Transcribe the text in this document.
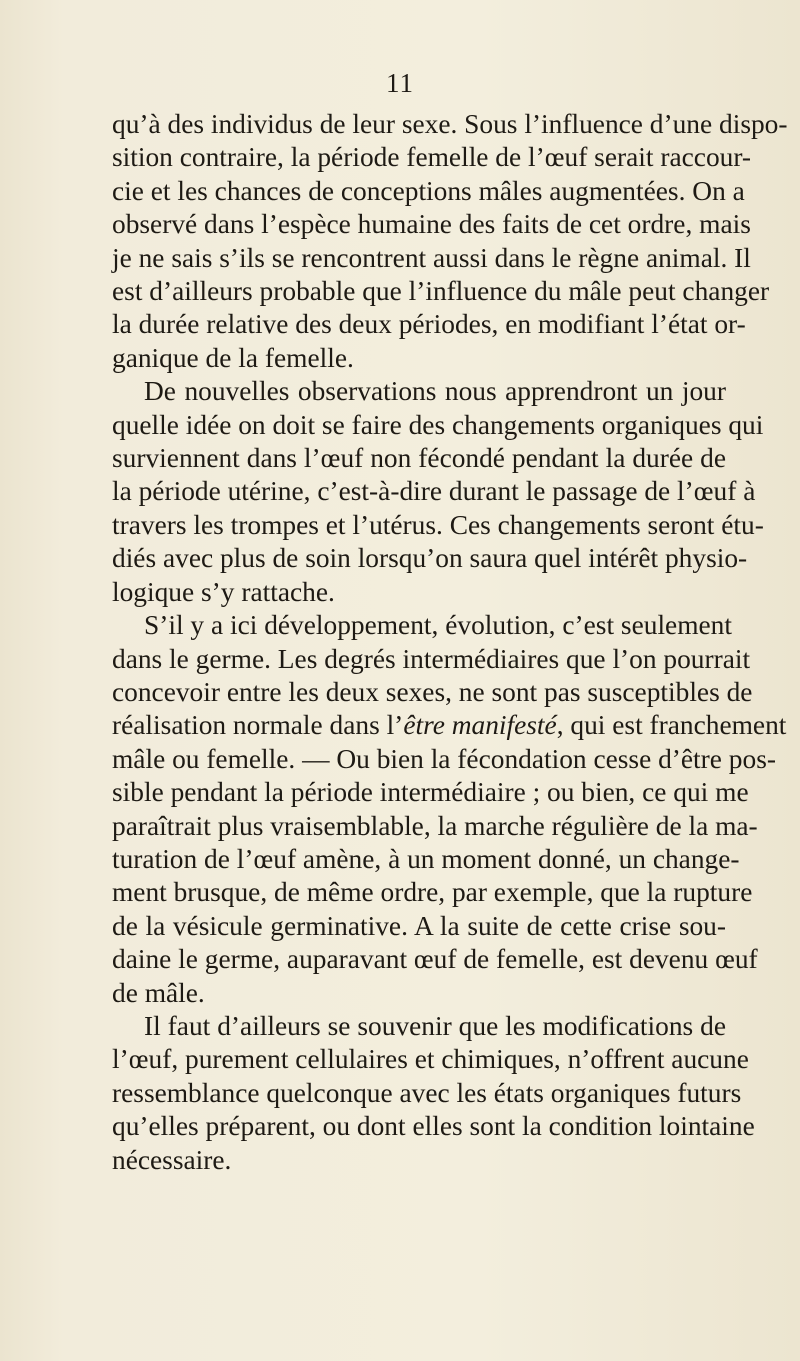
11
qu’à des individus de leur sexe. Sous l’influence d’une dispo-
sition contraire, la période femelle de l’œuf serait raccour-
cie et les chances de conceptions mâles augmentées. On a
observé dans l’espèce humaine des faits de cet ordre, mais
je ne sais s’ils se rencontrent aussi dans le règne animal. Il
est d’ailleurs probable que l’influence du mâle peut changer
la durée relative des deux périodes, en modifiant l’état or-
ganique de la femelle.
De nouvelles observations nous apprendront un jour
quelle idée on doit se faire des changements organiques qui
surviennent dans l’œuf non fécondé pendant la durée de
la période utérine, c’est-à-dire durant le passage de l’œuf à
travers les trompes et l’utérus. Ces changements seront étu-
diés avec plus de soin lorsqu’on saura quel intérêt physio-
logique s’y rattache.
S’il y a ici développement, évolution, c’est seulement
dans le germe. Les degrés intermédiaires que l’on pourrait
concevoir entre les deux sexes, ne sont pas susceptibles de
réalisation normale dans l’être manifesté, qui est franchement
mâle ou femelle. — Ou bien la fécondation cesse d’être pos-
sible pendant la période intermédiaire ; ou bien, ce qui me
paraîtrait plus vraisemblable, la marche régulière de la ma-
turation de l’œuf amène, à un moment donné, un change-
ment brusque, de même ordre, par exemple, que la rupture
de la vésicule germinative. A la suite de cette crise sou-
daine le germe, auparavant œuf de femelle, est devenu œuf
de mâle.
Il faut d’ailleurs se souvenir que les modifications de
l’œuf, purement cellulaires et chimiques, n’offrent aucune
ressemblance quelconque avec les états organiques futurs
qu’elles préparent, ou dont elles sont la condition lointaine
nécessaire.
